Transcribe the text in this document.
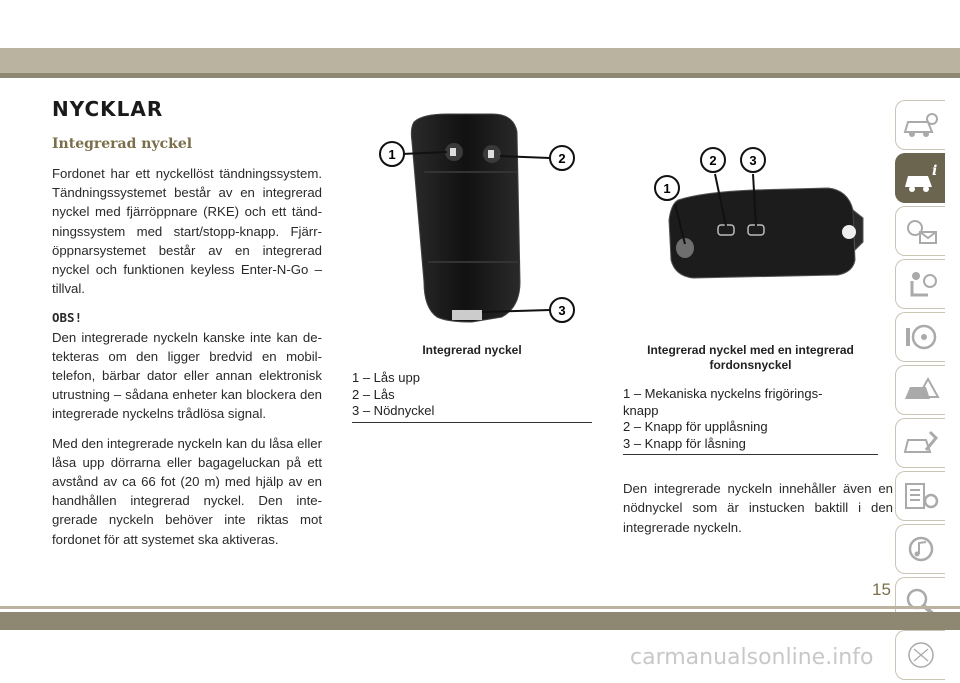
NYCKLAR
Integrerad nyckel

Fordonet har ett nyckellöst tändningssystem. Tändningssystemet består av en integrerad nyckel med fjärröppnare (RKE) och ett tändningssystem med start/stopp-knapp. Fjärröppnarsystemet består av en integrerad nyckel och funktionen keyless Enter-N-Go – tillval.

OBS!

Den integrerade nyckeln kanske inte kan detekteras om den ligger bredvid en mobiltelefon, bärbar dator eller annan elektronisk utrustning – sådana enheter kan blockera den integrerade nyckelns trådlösa signal.

Med den integrerade nyckeln kan du låsa eller låsa upp dörrarna eller bagageluckan på ett avstånd av ca 66 fot (20 m) med hjälp av en handhållen integrerad nyckel. Den integrerade nyckeln behöver inte riktas mot fordonet för att systemet ska aktiveras.

1	2
3
Integrerad nyckel
1 – Lås upp
2 – Lås
3 – Nödnyckel
1
2	3
Integrerad nyckel med en integrerad
fordonsnyckel
1 – Mekaniska nyckelns frigörings-
knapp
2 – Knapp för upplåsning
3 – Knapp för låsning
Den integrerade nyckeln innehåller även en nödnyckel som är instucken baktill i den integrerade nyckeln.
i
15
carmanualsonline.info
